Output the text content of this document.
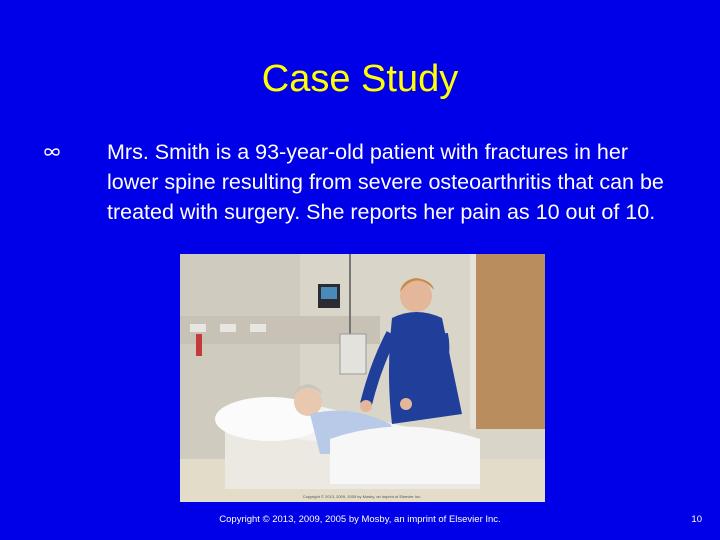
Case Study
Mrs. Smith is a 93-year-old patient with fractures in her lower spine resulting from severe osteoarthritis that can be treated with surgery. She reports her pain as 10 out of 10.
Copyright © 2013, 2009, 2005 by Mosby, an imprint of Elsevier Inc.
Copyright © 2013, 2009, 2005 by Mosby, an imprint of Elsevier Inc.	10
